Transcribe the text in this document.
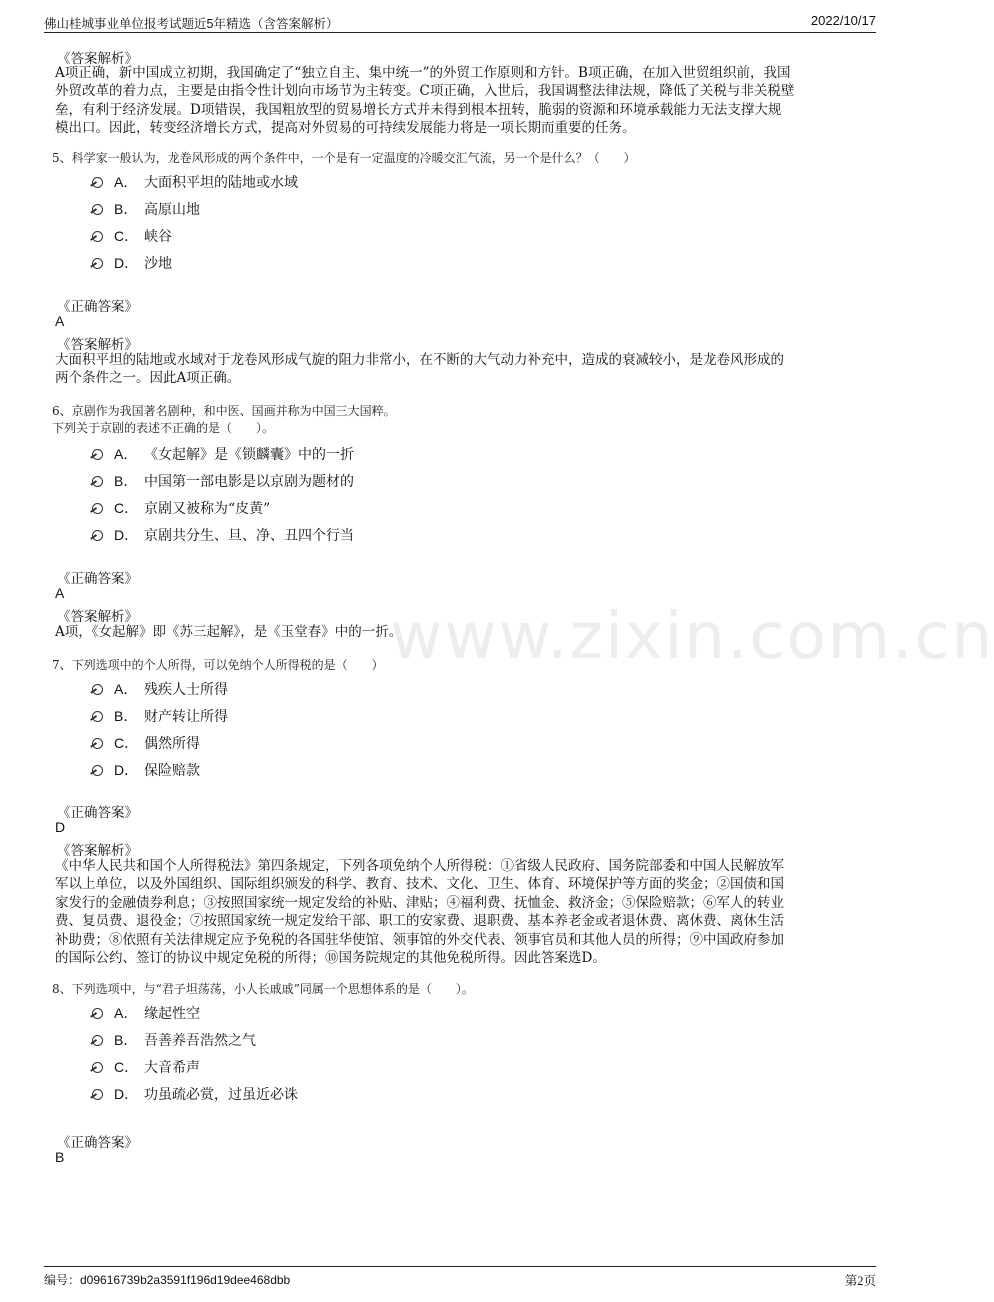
佛山桂城事业单位报考试题近5年精选（含答案解析）	2022/10/17
www.zixin.com.cn
《答案解析》
A项正确，新中国成立初期，我国确定了“独立自主、集中统一”的外贸工作原则和方针。B项正确，在加入世贸组织前，我国
外贸改革的着力点，主要是由指令性计划向市场节为主转变。C项正确，入世后，我国调整法律法规，降低了关税与非关税壁
垒，有利于经济发展。D项错误，我国粗放型的贸易增长方式并未得到根本扭转，脆弱的资源和环境承载能力无法支撑大规
模出口。因此，转变经济增长方式，提高对外贸易的可持续发展能力将是一项长期而重要的任务。
5、科学家一般认为，龙卷风形成的两个条件中，一个是有一定温度的冷暖交汇气流，另一个是什么？（　　）
A． 大面积平坦的陆地或水域
B． 高原山地
C． 峡谷
D． 沙地
《正确答案》
A
《答案解析》
大面积平坦的陆地或水域对于龙卷风形成气旋的阻力非常小，在不断的大气动力补充中，造成的衰减较小，是龙卷风形成的
两个条件之一。因此A项正确。
6、京剧作为我国著名剧种，和中医、国画并称为中国三大国粹。
下列关于京剧的表述不正确的是（　　）。
A． 《女起解》是《锁麟囊》中的一折
B． 中国第一部电影是以京剧为题材的
C． 京剧又被称为“皮黄”
D． 京剧共分生、旦、净、丑四个行当
《正确答案》
A
《答案解析》
A项，《女起解》即《苏三起解》，是《玉堂春》中的一折。
7、下列选项中的个人所得，可以免纳个人所得税的是（　　）
A． 残疾人士所得
B． 财产转让所得
C． 偶然所得
D． 保险赔款
《正确答案》
D
《答案解析》
《中华人民共和国个人所得税法》第四条规定，下列各项免纳个人所得税：①省级人民政府、国务院部委和中国人民解放军
军以上单位，以及外国组织、国际组织颁发的科学、教育、技术、文化、卫生、体育、环境保护等方面的奖金；②国债和国
家发行的金融债券利息；③按照国家统一规定发给的补贴、津贴；④福利费、抚恤金、救济金；⑤保险赔款；⑥军人的转业
费、复员费、退役金；⑦按照国家统一规定发给干部、职工的安家费、退职费、基本养老金或者退休费、离休费、离休生活
补助费；⑧依照有关法律规定应予免税的各国驻华使馆、领事馆的外交代表、领事官员和其他人员的所得；⑨中国政府参加
的国际公约、签订的协议中规定免税的所得；⑩国务院规定的其他免税所得。因此答案选D。
8、下列选项中，与“君子坦荡荡，小人长戚戚”同属一个思想体系的是（　　）。
A． 缘起性空
B． 吾善养吾浩然之气
C． 大音希声
D． 功虽疏必赏，过虽近必诛
《正确答案》
B
编号：d09616739b2a3591f196d19dee468dbb	第2页
